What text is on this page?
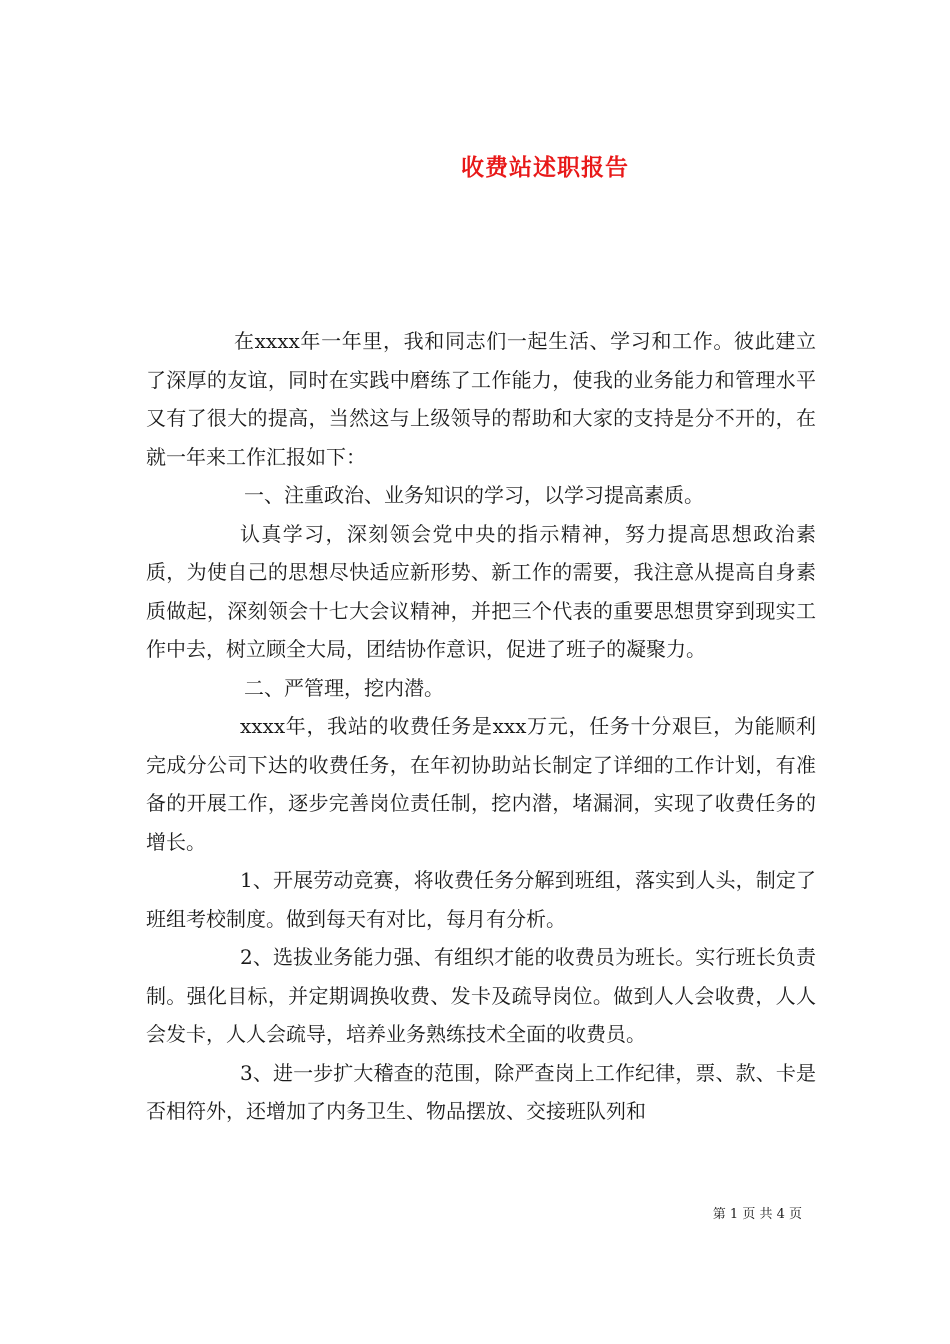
收费站述职报告

在xxxx年一年里，我和同志们一起生活、学习和工作。彼此建立了深厚的友谊，同时在实践中磨练了工作能力，使我的业务能力和管理水平又有了很大的提高，当然这与上级领导的帮助和大家的支持是分不开的，在就一年来工作汇报如下：

一、注重政治、业务知识的学习，以学习提高素质。

认真学习，深刻领会党中央的指示精神，努力提高思想政治素质，为使自己的思想尽快适应新形势、新工作的需要，我注意从提高自身素质做起，深刻领会十七大会议精神，并把三个代表的重要思想贯穿到现实工作中去，树立顾全大局，团结协作意识，促进了班子的凝聚力。

二、严管理，挖内潜。

xxxx年，我站的收费任务是xxx万元，任务十分艰巨，为能顺利完成分公司下达的收费任务，在年初协助站长制定了详细的工作计划，有准备的开展工作，逐步完善岗位责任制，挖内潜，堵漏洞，实现了收费任务的增长。

1、开展劳动竞赛，将收费任务分解到班组，落实到人头，制定了班组考校制度。做到每天有对比，每月有分析。

2、选拔业务能力强、有组织才能的收费员为班长。实行班长负责制。强化目标，并定期调换收费、发卡及疏导岗位。做到人人会收费，人人会发卡，人人会疏导，培养业务熟练技术全面的收费员。

3、进一步扩大稽查的范围，除严查岗上工作纪律，票、款、卡是否相符外，还增加了内务卫生、物品摆放、交接班队列和

第 1 页 共 4 页
